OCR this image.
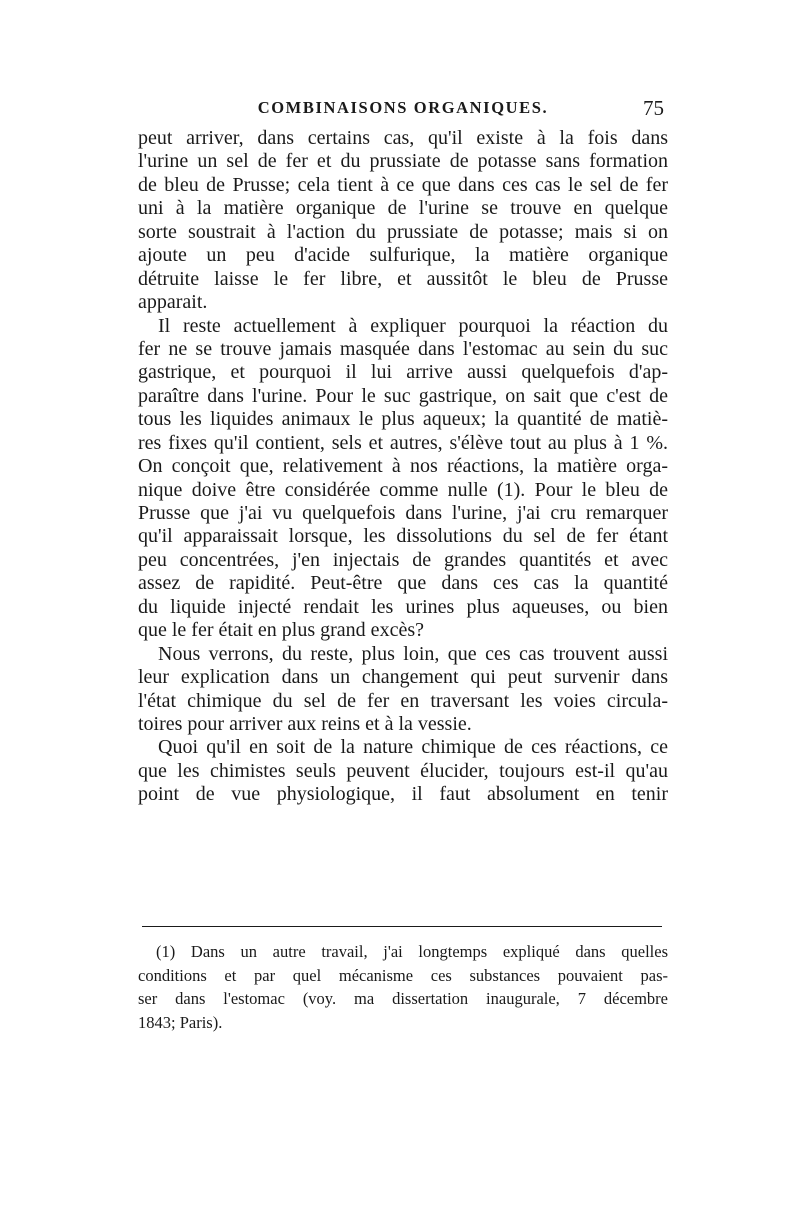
COMBINAISONS ORGANIQUES.	75
peut arriver, dans certains cas, qu'il existe à la fois dans
l'urine un sel de fer et du prussiate de potasse sans formation
de bleu de Prusse; cela tient à ce que dans ces cas le sel de fer
uni à la matière organique de l'urine se trouve en quelque
sorte soustrait à l'action du prussiate de potasse; mais si on
ajoute un peu d'acide sulfurique, la matière organique
détruite laisse le fer libre, et aussitôt le bleu de Prusse
apparait.
Il reste actuellement à expliquer pourquoi la réaction du
fer ne se trouve jamais masquée dans l'estomac au sein du suc
gastrique, et pourquoi il lui arrive aussi quelquefois d'ap-
paraître dans l'urine. Pour le suc gastrique, on sait que c'est de
tous les liquides animaux le plus aqueux; la quantité de matiè-
res fixes qu'il contient, sels et autres, s'élève tout au plus à 1 %.
On conçoit que, relativement à nos réactions, la matière orga-
nique doive être considérée comme nulle (1). Pour le bleu de
Prusse que j'ai vu quelquefois dans l'urine, j'ai cru remarquer
qu'il apparaissait lorsque, les dissolutions du sel de fer étant
peu concentrées, j'en injectais de grandes quantités et avec
assez de rapidité. Peut-être que dans ces cas la quantité
du liquide injecté rendait les urines plus aqueuses, ou bien
que le fer était en plus grand excès?
Nous verrons, du reste, plus loin, que ces cas trouvent aussi
leur explication dans un changement qui peut survenir dans
l'état chimique du sel de fer en traversant les voies circula-
toires pour arriver aux reins et à la vessie.
Quoi qu'il en soit de la nature chimique de ces réactions, ce
que les chimistes seuls peuvent élucider, toujours est-il qu'au
point de vue physiologique, il faut absolument en tenir
(1) Dans un autre travail, j'ai longtemps expliqué dans quelles
conditions et par quel mécanisme ces substances pouvaient pas-
ser dans l'estomac (voy. ma dissertation inaugurale, 7 décembre
1843; Paris).
